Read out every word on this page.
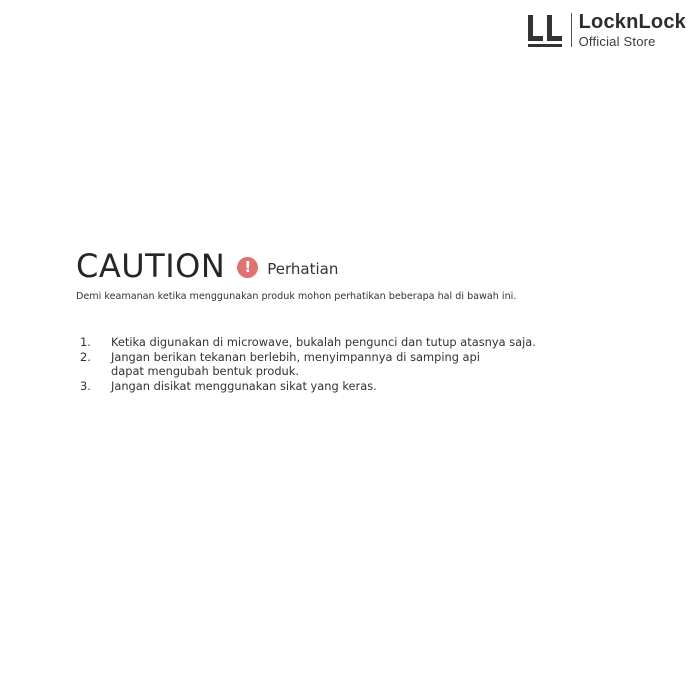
LocknLock
Official Store
CAUTION	!	Perhatian
Demi keamanan ketika menggunakan produk mohon perhatikan beberapa hal di bawah ini.
1.	Ketika digunakan di microwave, bukalah pengunci dan tutup atasnya saja.
2.	Jangan berikan tekanan berlebih, menyimpannya di samping api
dapat mengubah bentuk produk.
3.	Jangan disikat menggunakan sikat yang keras.
